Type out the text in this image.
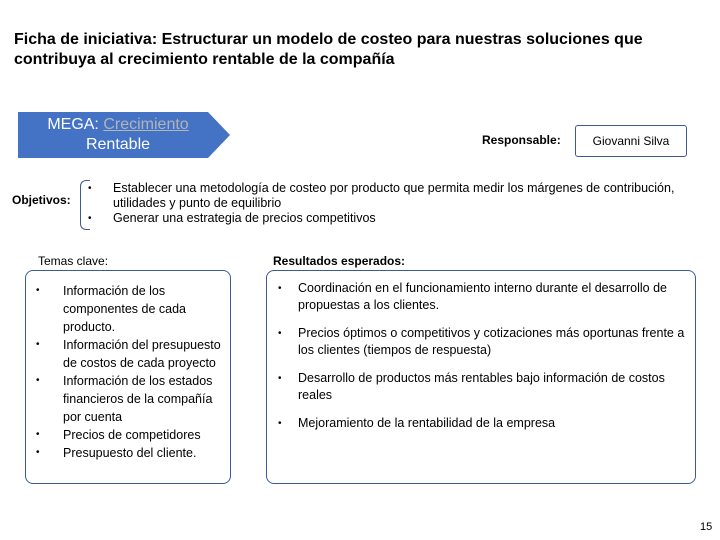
Ficha de iniciativa: Estructurar un modelo de costeo para nuestras soluciones que contribuya al crecimiento rentable de la compañía
MEGA: Crecimiento
Rentable	Responsable:	Giovanni Silva
Objetivos:
• Establecer una metodología de costeo por producto que permita medir los márgenes de contribución, utilidades y punto de equilibrio
• Generar una estrategia de precios competitivos
Temas clave:	Resultados esperados:
• Información de los componentes de cada producto.
• Información del presupuesto de costos de cada proyecto
• Información de los estados financieros de la compañía por cuenta
• Precios de competidores
• Presupuesto del cliente.
• Coordinación en el funcionamiento interno durante el desarrollo de propuestas a los clientes.
• Precios óptimos o competitivos y cotizaciones más oportunas frente a los clientes (tiempos de respuesta)
• Desarrollo de productos más rentables bajo información de costos reales
• Mejoramiento de la rentabilidad de la empresa
15
